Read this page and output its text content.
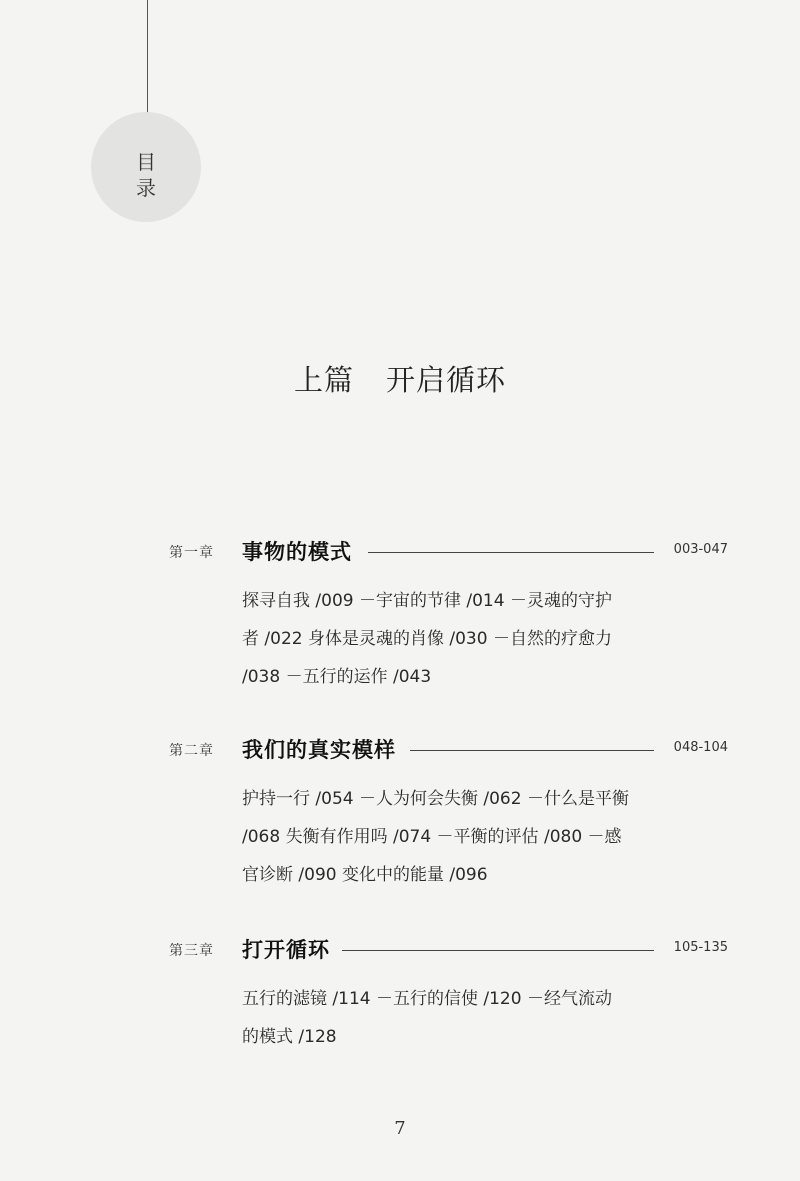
目
录
上篇 开启循环
第一章 事物的模式	003-047
探寻自我 /009 －宇宙的节律 /014 －灵魂的守护
者 /022 身体是灵魂的肖像 /030 －自然的疗愈力
/038 －五行的运作 /043
第二章 我们的真实模样	048-104
护持一行 /054 －人为何会失衡 /062 －什么是平衡
/068 失衡有作用吗 /074 －平衡的评估 /080 －感
官诊断 /090 变化中的能量 /096
第三章 打开循环	105-135
五行的滤镜 /114 －五行的信使 /120 －经气流动
的模式 /128
7
